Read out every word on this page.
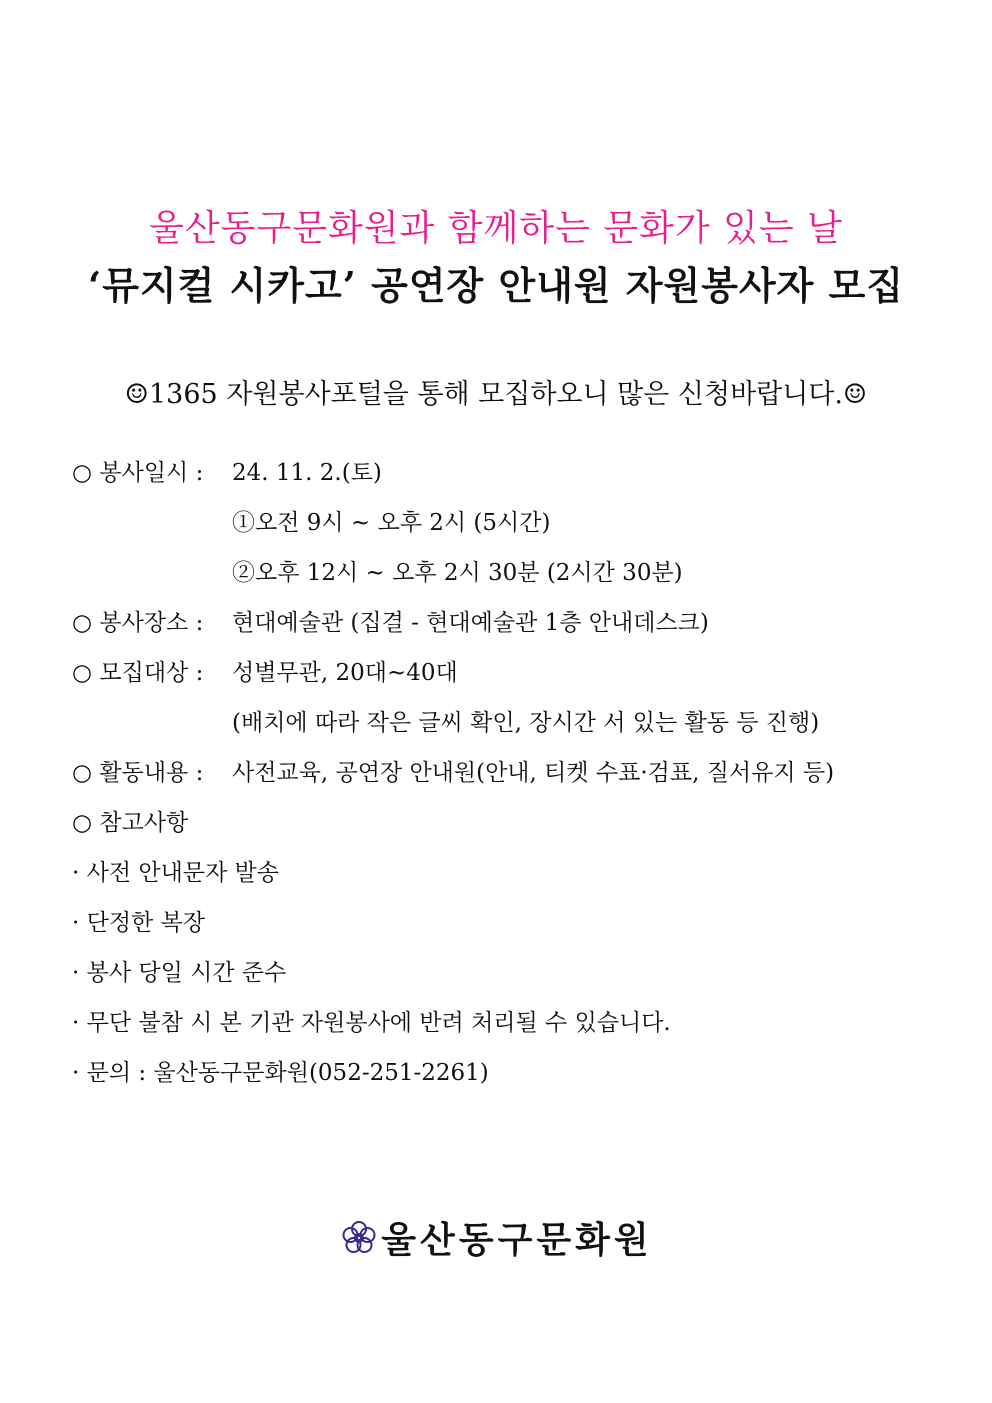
울산동구문화원과 함께하는 문화가 있는 날
‘뮤지컬 시카고’ 공연장 안내원 자원봉사자 모집
☺1365 자원봉사포털을 통해 모집하오니 많은 신청바랍니다.☺
○ 봉사일시 : 24. 11. 2.(토)
①오전 9시 ~ 오후 2시 (5시간)
②오후 12시 ~ 오후 2시 30분 (2시간 30분)
○ 봉사장소 : 현대예술관 (집결 - 현대예술관 1층 안내데스크)
○ 모집대상 : 성별무관, 20대~40대
(배치에 따라 작은 글씨 확인, 장시간 서 있는 활동 등 진행)
○ 활동내용 : 사전교육, 공연장 안내원(안내, 티켓 수표·검표, 질서유지 등)
○ 참고사항
· 사전 안내문자 발송
· 단정한 복장
· 봉사 당일 시간 준수
· 무단 불참 시 본 기관 자원봉사에 반려 처리될 수 있습니다.
· 문의 : 울산동구문화원(052-251-2261)
울산동구문화원
